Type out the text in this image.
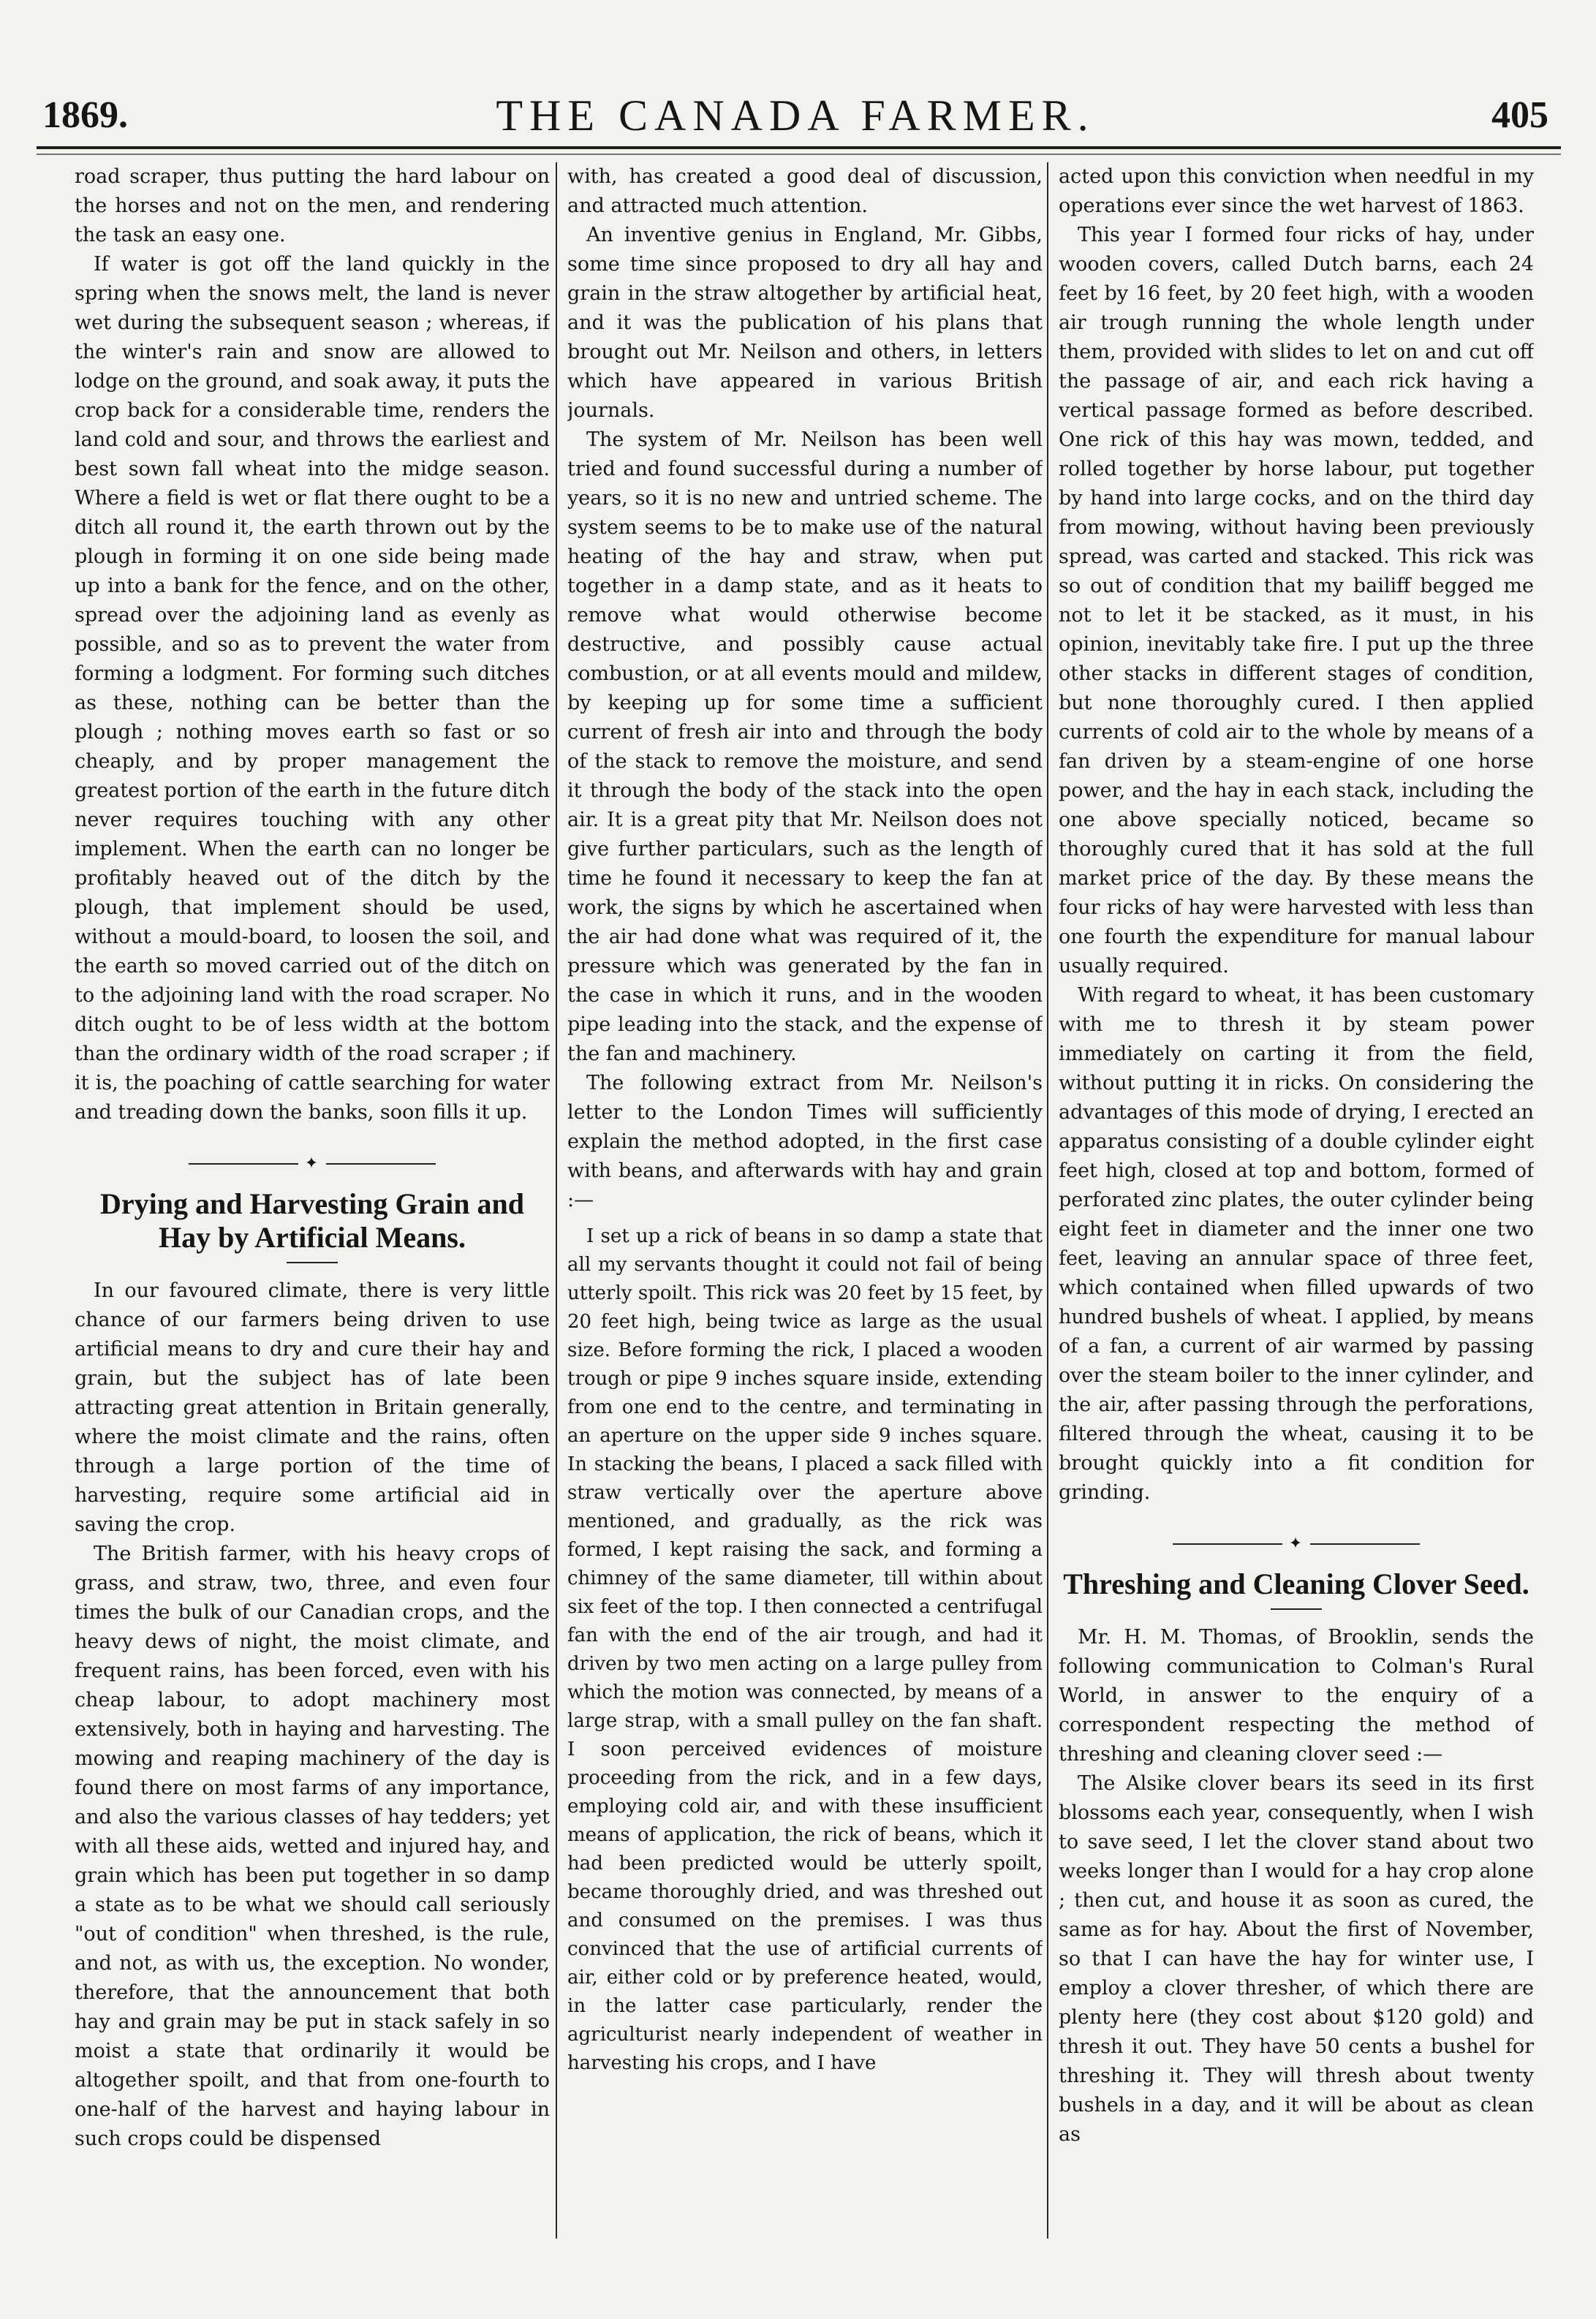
1869.	THE CANADA FARMER.	405

road scraper, thus putting the hard labour on the horses and not on the men, and rendering the task an easy one.

If water is got off the land quickly in the spring when the snows melt, the land is never wet during the subsequent season ; whereas, if the winter's rain and snow are allowed to lodge on the ground, and soak away, it puts the crop back for a considerable time, renders the land cold and sour, and throws the earliest and best sown fall wheat into the midge season. Where a field is wet or flat there ought to be a ditch all round it, the earth thrown out by the plough in forming it on one side being made up into a bank for the fence, and on the other, spread over the adjoining land as evenly as possible, and so as to prevent the water from forming a lodgment. For forming such ditches as these, nothing can be better than the plough ; nothing moves earth so fast or so cheaply, and by proper management the greatest portion of the earth in the future ditch never requires touching with any other implement. When the earth can no longer be profitably heaved out of the ditch by the plough, that implement should be used, without a mould-board, to loosen the soil, and the earth so moved carried out of the ditch on to the adjoining land with the road scraper. No ditch ought to be of less width at the bottom than the ordinary width of the road scraper ; if it is, the poaching of cattle searching for water and treading down the banks, soon fills it up.

✦
Drying and Harvesting Grain and Hay by Artificial Means.

In our favoured climate, there is very little chance of our farmers being driven to use artificial means to dry and cure their hay and grain, but the subject has of late been attracting great attention in Britain generally, where the moist climate and the rains, often through a large portion of the time of harvesting, require some artificial aid in saving the crop.

The British farmer, with his heavy crops of grass, and straw, two, three, and even four times the bulk of our Canadian crops, and the heavy dews of night, the moist climate, and frequent rains, has been forced, even with his cheap labour, to adopt machinery most extensively, both in haying and harvesting. The mowing and reaping machinery of the day is found there on most farms of any importance, and also the various classes of hay tedders; yet with all these aids, wetted and injured hay, and grain which has been put together in so damp a state as to be what we should call seriously "out of condition" when threshed, is the rule, and not, as with us, the exception. No wonder, therefore, that the announcement that both hay and grain may be put in stack safely in so moist a state that ordinarily it would be altogether spoilt, and that from one-fourth to one-half of the harvest and haying labour in such crops could be dispensed

with, has created a good deal of discussion, and attracted much attention.

An inventive genius in England, Mr. Gibbs, some time since proposed to dry all hay and grain in the straw altogether by artificial heat, and it was the publication of his plans that brought out Mr. Neilson and others, in letters which have appeared in various British journals.

The system of Mr. Neilson has been well tried and found successful during a number of years, so it is no new and untried scheme. The system seems to be to make use of the natural heating of the hay and straw, when put together in a damp state, and as it heats to remove what would otherwise become destructive, and possibly cause actual combustion, or at all events mould and mildew, by keeping up for some time a sufficient current of fresh air into and through the body of the stack to remove the moisture, and send it through the body of the stack into the open air. It is a great pity that Mr. Neilson does not give further particulars, such as the length of time he found it necessary to keep the fan at work, the signs by which he ascertained when the air had done what was required of it, the pressure which was generated by the fan in the case in which it runs, and in the wooden pipe leading into the stack, and the expense of the fan and machinery.

The following extract from Mr. Neilson's letter to the London Times will sufficiently explain the method adopted, in the first case with beans, and afterwards with hay and grain :—

I set up a rick of beans in so damp a state that all my servants thought it could not fail of being utterly spoilt. This rick was 20 feet by 15 feet, by 20 feet high, being twice as large as the usual size. Before forming the rick, I placed a wooden trough or pipe 9 inches square inside, extending from one end to the centre, and terminating in an aperture on the upper side 9 inches square. In stacking the beans, I placed a sack filled with straw vertically over the aperture above mentioned, and gradually, as the rick was formed, I kept raising the sack, and forming a chimney of the same diameter, till within about six feet of the top. I then connected a centrifugal fan with the end of the air trough, and had it driven by two men acting on a large pulley from which the motion was connected, by means of a large strap, with a small pulley on the fan shaft. I soon perceived evidences of moisture proceeding from the rick, and in a few days, employing cold air, and with these insufficient means of application, the rick of beans, which it had been predicted would be utterly spoilt, became thoroughly dried, and was threshed out and consumed on the premises. I was thus convinced that the use of artificial currents of air, either cold or by preference heated, would, in the latter case particularly, render the agriculturist nearly independent of weather in harvesting his crops, and I have

acted upon this conviction when needful in my operations ever since the wet harvest of 1863.

This year I formed four ricks of hay, under wooden covers, called Dutch barns, each 24 feet by 16 feet, by 20 feet high, with a wooden air trough running the whole length under them, provided with slides to let on and cut off the passage of air, and each rick having a vertical passage formed as before described. One rick of this hay was mown, tedded, and rolled together by horse labour, put together by hand into large cocks, and on the third day from mowing, without having been previously spread, was carted and stacked. This rick was so out of condition that my bailiff begged me not to let it be stacked, as it must, in his opinion, inevitably take fire. I put up the three other stacks in different stages of condition, but none thoroughly cured. I then applied currents of cold air to the whole by means of a fan driven by a steam-engine of one horse power, and the hay in each stack, including the one above specially noticed, became so thoroughly cured that it has sold at the full market price of the day. By these means the four ricks of hay were harvested with less than one fourth the expenditure for manual labour usually required.

With regard to wheat, it has been customary with me to thresh it by steam power immediately on carting it from the field, without putting it in ricks. On considering the advantages of this mode of drying, I erected an apparatus consisting of a double cylinder eight feet high, closed at top and bottom, formed of perforated zinc plates, the outer cylinder being eight feet in diameter and the inner one two feet, leaving an annular space of three feet, which contained when filled upwards of two hundred bushels of wheat. I applied, by means of a fan, a current of air warmed by passing over the steam boiler to the inner cylinder, and the air, after passing through the perforations, filtered through the wheat, causing it to be brought quickly into a fit condition for grinding.

✦
Threshing and Cleaning Clover Seed.

Mr. H. M. Thomas, of Brooklin, sends the following communication to Colman's Rural World, in answer to the enquiry of a correspondent respecting the method of threshing and cleaning clover seed :—

The Alsike clover bears its seed in its first blossoms each year, consequently, when I wish to save seed, I let the clover stand about two weeks longer than I would for a hay crop alone ; then cut, and house it as soon as cured, the same as for hay. About the first of November, so that I can have the hay for winter use, I employ a clover thresher, of which there are plenty here (they cost about $120 gold) and thresh it out. They have 50 cents a bushel for threshing it. They will thresh about twenty bushels in a day, and it will be about as clean as
